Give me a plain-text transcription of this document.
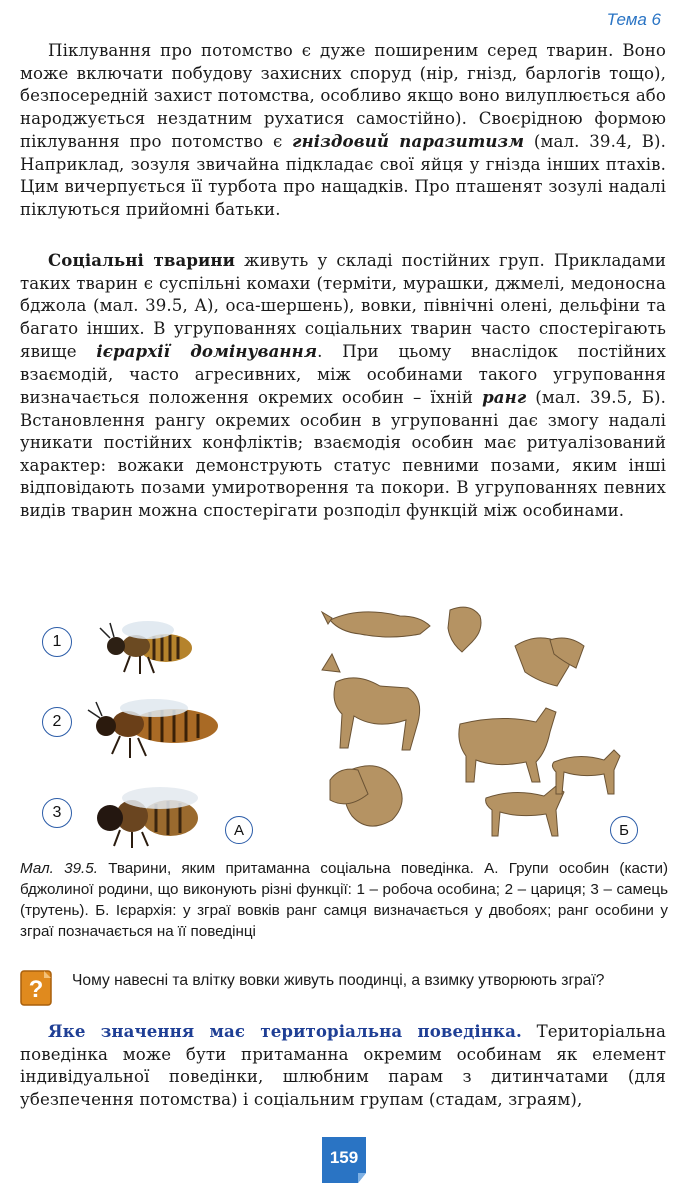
Тема 6

Піклування про потомство є дуже поширеним серед тварин. Воно може включати побудову захисних споруд (нір, гнізд, барлогів тощо), безпосередній захист потомства, особливо якщо воно вилуплюється або народжується нездатним рухатися самостійно). Своєрідною формою піклування про потомство є гніздовий паразитизм (мал. 39.4, В). Наприклад, зозуля звичайна підкладає свої яйця у гнізда інших птахів. Цим вичерпується її турбота про нащадків. Про пташенят зозулі надалі піклуються прийомні батьки.

Соціальні тварини живуть у складі постійних груп. Прикладами таких тварин є суспільні комахи (терміти, мурашки, джмелі, медоносна бджола (мал. 39.5, А), оса-шершень), вовки, північні олені, дельфіни та багато інших. В угрупованнях соціальних тварин часто спостерігають явище ієрархії домінування. При цьому внаслідок постійних взаємодій, часто агресивних, між особинами такого угруповання визначається положення окремих особин – їхній ранг (мал. 39.5, Б). Встановлення рангу окремих особин в угрупованні дає змогу надалі уникати постійних конфліктів; взаємодія особин має ритуалізований характер: вожаки демонструють статус певними позами, яким інші відповідають позами умиротворення та покори. В угрупованнях певних видів тварин можна спостерігати розподіл функцій між особинами.

1
2
3
А	Б
Мал. 39.5. Тварини, яким притаманна соціальна поведінка. А. Групи особин (касти) бджолиної родини, що виконують різні функції: 1 – робоча особина; 2 – цариця; 3 – самець (трутень). Б. Ієрархія: у зграї вовків ранг самця визначається у двобоях; ранг особини у зграї позначається на її поведінці
? Чому навесні та влітку вовки живуть поодинці, а взимку утворюють зграї?

Яке значення має територіальна поведінка. Територіальна поведінка може бути притаманна окремим особинам як елемент індивідуальної поведінки, шлюбним парам з дитинчатами (для убезпечення потомства) і соціальним групам (стадам, зграям),

159
